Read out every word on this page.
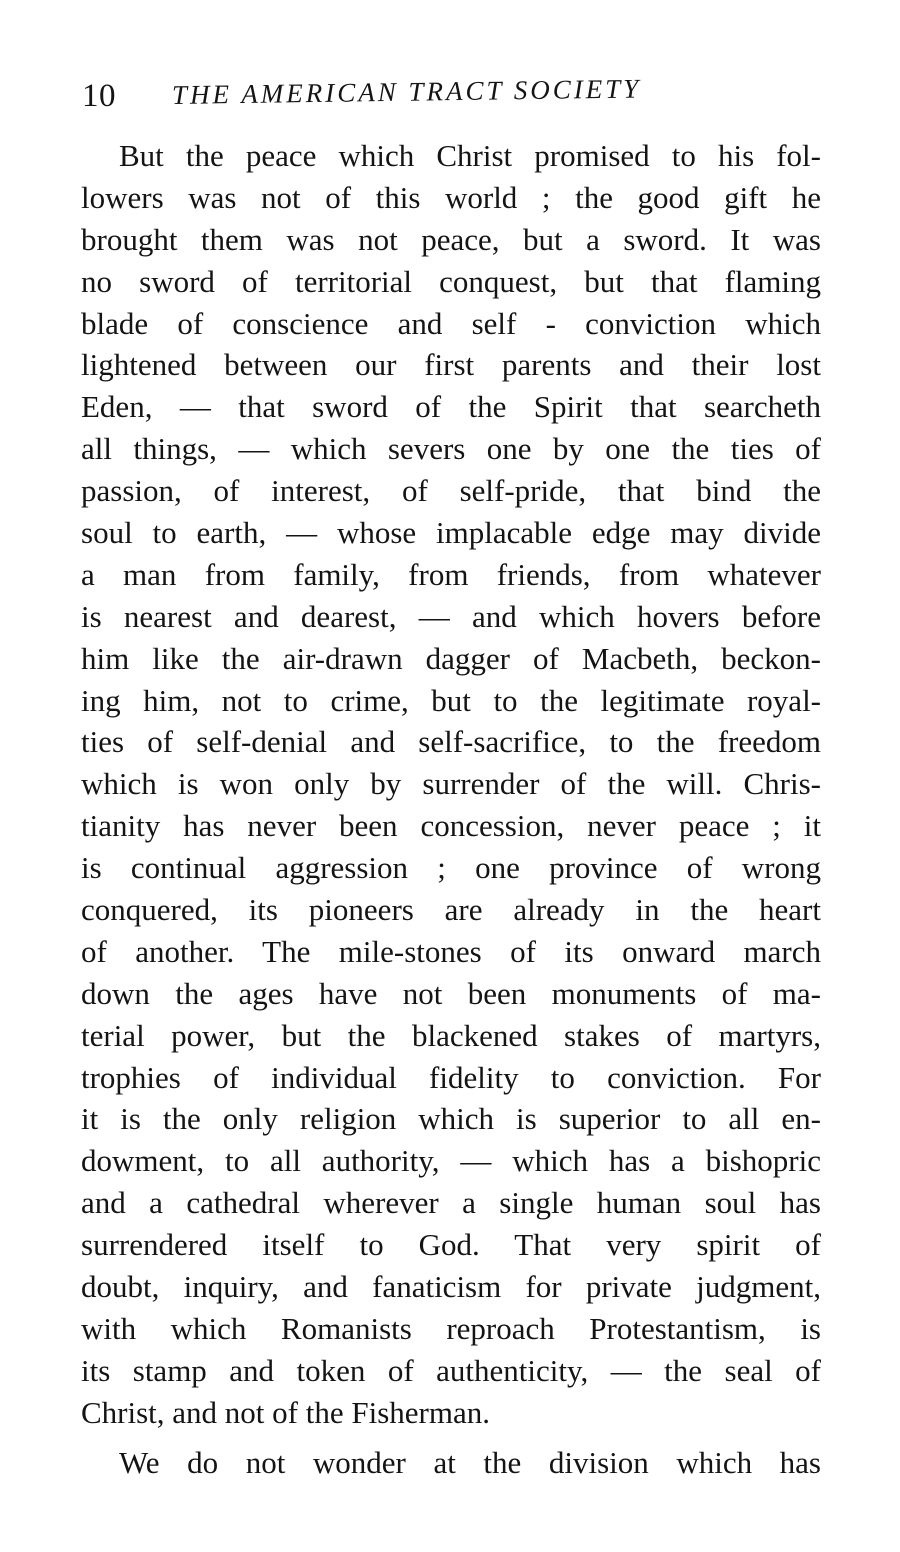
10 THE AMERICAN TRACT SOCIETY
But the peace which Christ promised to his fol-
lowers was not of this world ; the good gift he
brought them was not peace, but a sword. It was
no sword of territorial conquest, but that flaming
blade of conscience and self - conviction which
lightened between our first parents and their lost
Eden, — that sword of the Spirit that searcheth
all things, — which severs one by one the ties of
passion, of interest, of self-pride, that bind the
soul to earth, — whose implacable edge may divide
a man from family, from friends, from whatever
is nearest and dearest, — and which hovers before
him like the air-drawn dagger of Macbeth, beckon-
ing him, not to crime, but to the legitimate royal-
ties of self-denial and self-sacrifice, to the freedom
which is won only by surrender of the will. Chris-
tianity has never been concession, never peace ; it
is continual aggression ; one province of wrong
conquered, its pioneers are already in the heart
of another. The mile-stones of its onward march
down the ages have not been monuments of ma-
terial power, but the blackened stakes of martyrs,
trophies of individual fidelity to conviction. For
it is the only religion which is superior to all en-
dowment, to all authority, — which has a bishopric
and a cathedral wherever a single human soul has
surrendered itself to God. That very spirit of
doubt, inquiry, and fanaticism for private judgment,
with which Romanists reproach Protestantism, is
its stamp and token of authenticity, — the seal of
Christ, and not of the Fisherman.
We do not wonder at the division which has
